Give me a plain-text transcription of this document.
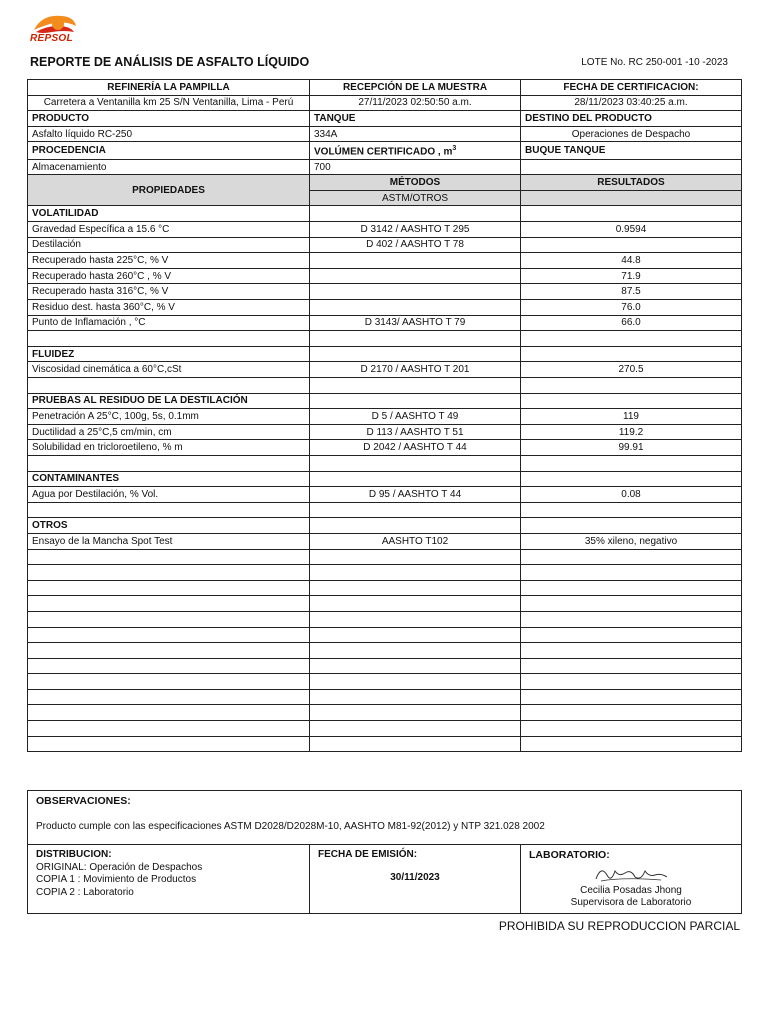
REPSOL
REPORTE DE ANÁLISIS DE ASFALTO LÍQUIDO	LOTE No. RC 250-001 -10 -2023
REFINERÍA LA PAMPILLA	RECEPCIÓN DE LA MUESTRA	FECHA DE CERTIFICACION:
Carretera a Ventanilla km 25 S/N Ventanilla, Lima - Perú	27/11/2023 02:50:50 a.m.	28/11/2023 03:40:25 a.m.
PRODUCTO	TANQUE	DESTINO DEL PRODUCTO
Asfalto líquido RC-250	334A	Operaciones de Despacho
PROCEDENCIA	VOLÚMEN CERTIFICADO , $m^3$	BUQUE TANQUE
Almacenamiento	700	
PROPIEDADES	MÉTODOS	RESULTADOS
	ASTM/OTROS	
VOLATILIDAD		
Gravedad Específica a 15.6 °C	D 3142 / AASHTO T 295	0.9594
Destilación	D 402 / AASHTO T 78	
Recuperado hasta 225°C, % V		44.8
Recuperado hasta 260°C , % V		71.9
Recuperado hasta 316°C, % V		87.5
Residuo dest. hasta 360°C, % V		76.0
Punto de Inflamación , °C	D 3143/ AASHTO T 79	66.0

FLUIDEZ		
Viscosidad cinemática a 60°C,cSt	D 2170 / AASHTO T 201	270.5

PRUEBAS AL RESIDUO DE LA DESTILACIÓN		
Penetración A 25°C, 100g, 5s, 0.1mm	D 5 / AASHTO T 49	119
Ductilidad a 25°C,5 cm/min, cm	D 113 / AASHTO T 51	119.2
Solubilidad en tricloroetileno, % m	D 2042 / AASHTO T 44	99.91

CONTAMINANTES		
Agua por Destilación, % Vol.	D 95 / AASHTO T 44	0.08

OTROS		
Ensayo de la Mancha Spot Test	AASHTO T102	35% xileno, negativo

OBSERVACIONES:
Producto cumple con las especificaciones ASTM D2028/D2028M-10, AASHTO M81-92(2012) y NTP 321.028 2002

DISTRIBUCION:
ORIGINAL: Operación de Despachos
COPIA 1 : Movimiento de Productos
COPIA 2 : Laboratorio

FECHA DE EMISIÓN:
30/11/2023

LABORATORIO:
Cecilia Posadas Jhong
Supervisora de Laboratorio
PROHIBIDA SU REPRODUCCION PARCIAL
